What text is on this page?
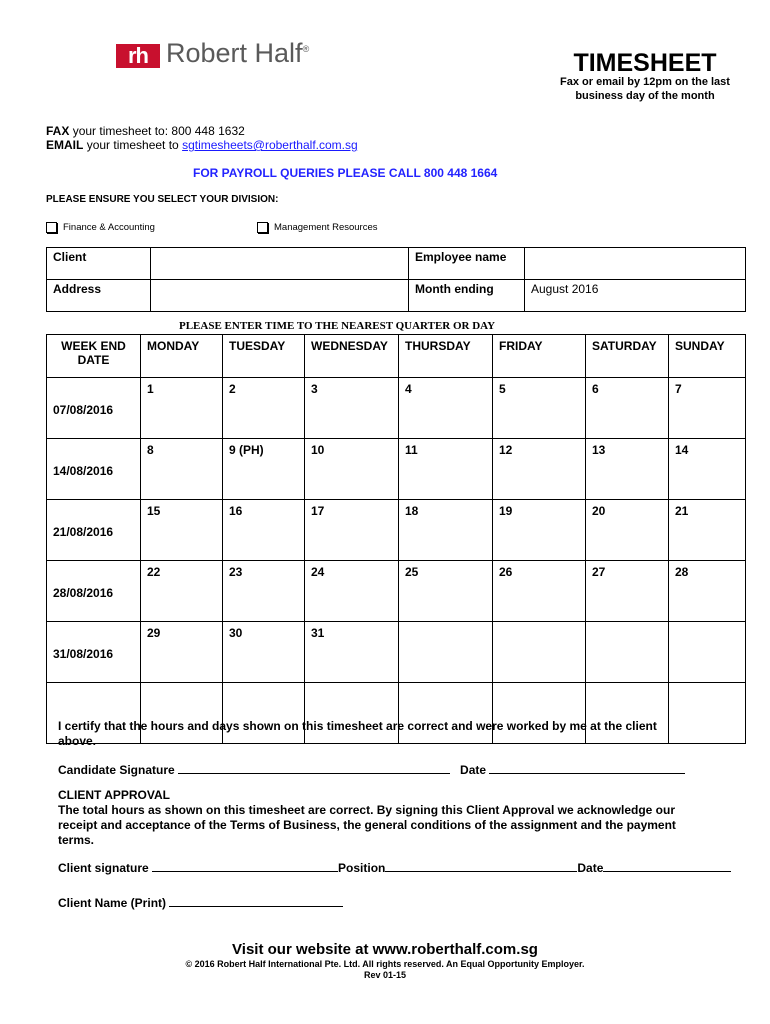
rh Robert Half®	TIMESHEET
Fax or email by 12pm on the last business day of the month
FAX your timesheet to: 800 448 1632
EMAIL your timesheet to sgtimesheets@roberthalf.com.sg
FOR PAYROLL QUERIES PLEASE CALL 800 448 1664
PLEASE ENSURE YOU SELECT YOUR DIVISION:
Finance & Accounting	Management Resources
Client		Employee name	
Address		Month ending	August 2016
PLEASE ENTER TIME TO THE NEAREST QUARTER OR DAY
WEEK END DATE	MONDAY	TUESDAY	WEDNESDAY	THURSDAY	FRIDAY	SATURDAY	SUNDAY
07/08/2016	1	2	3	4	5	6	7
14/08/2016	8	9 (PH)	10	11	12	13	14
21/08/2016	15	16	17	18	19	20	21
28/08/2016	22	23	24	25	26	27	28
31/08/2016	29	30	31				

I certify that the hours and days shown on this timesheet are correct and were worked by me at the client above.
Candidate Signature	Date
CLIENT APPROVAL
The total hours as shown on this timesheet are correct. By signing this Client Approval we acknowledge our receipt and acceptance of the Terms of Business, the general conditions of the assignment and the payment terms.
Client signature	Position	Date
Client Name (Print)
Visit our website at www.roberthalf.com.sg
© 2016 Robert Half International Pte. Ltd. All rights reserved. An Equal Opportunity Employer.
Rev 01-15
